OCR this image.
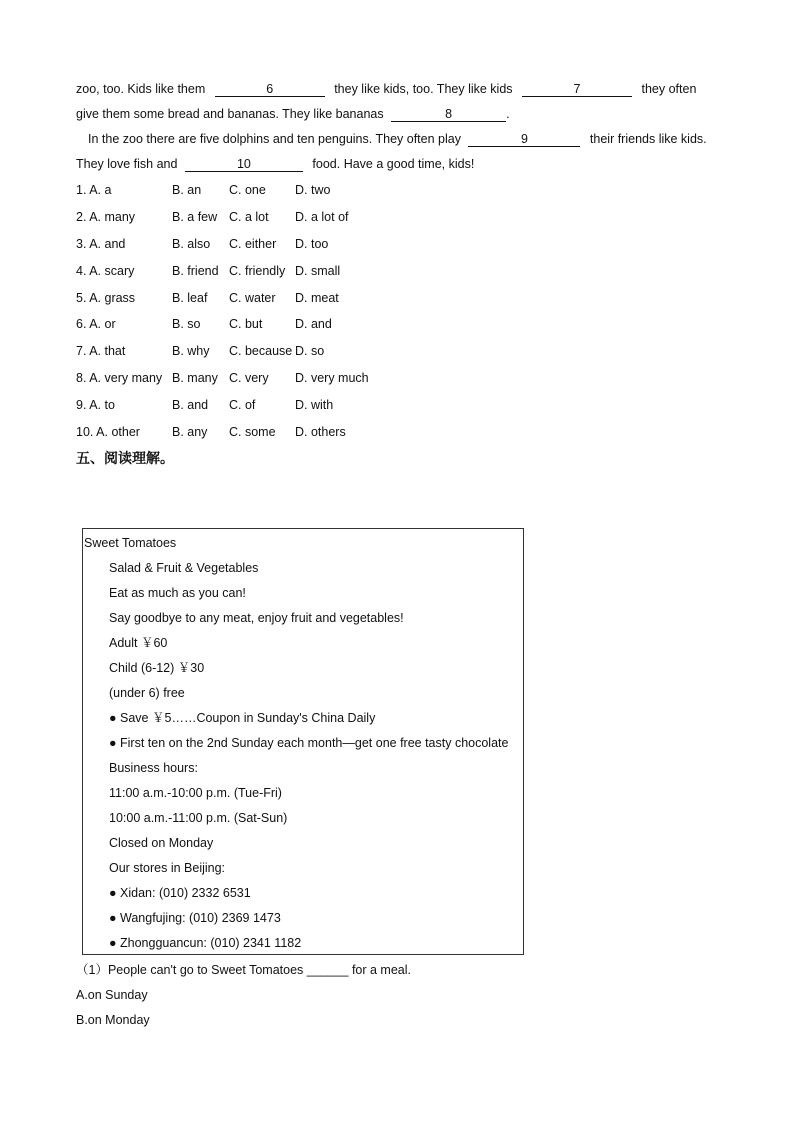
zoo, too. Kids like them	6	they like kids, too. They like kids	7	they often
give them some bread and bananas. They like bananas	8	.
In the zoo there are five dolphins and ten penguins. They often play	9	their friends like kids.
They love fish and	10	food. Have a good time, kids!
1. A. a	B. an C. one D. two
2. A. many	B. a few C. a lot D. a lot of
3. A. and	B. also C. either D. too
4. A. scary	B. friend C. friendly D. small
5. A. grass	B. leaf C. water D. meat
6. A. or	B. so C. but	D. and
7. A. that	B. why C. because D. so
8. A. very many B. many C. very D. very much
9. A. to	B. and C. of	D. with
10. A. other	B. any C. some D. others
五、阅读理解。
Sweet Tomatoes
Salad & Fruit & Vegetables
Eat as much as you can!
Say goodbye to any meat, enjoy fruit and vegetables!
Adult ￥60
Child (6-12) ￥30
(under 6) free
● Save ￥5……Coupon in Sunday's China Daily
● First ten on the 2nd Sunday each month—get one free tasty chocolate
Business hours:
11:00 a.m.-10:00 p.m. (Tue-Fri)
10:00 a.m.-11:00 p.m. (Sat-Sun)
Closed on Monday
Our stores in Beijing:
● Xidan: (010) 2332 6531
● Wangfujing: (010) 2369 1473
● Zhongguancun: (010) 2341 1182
（1）People can't go to Sweet Tomatoes ______ for a meal.
A.on Sunday
B.on Monday
